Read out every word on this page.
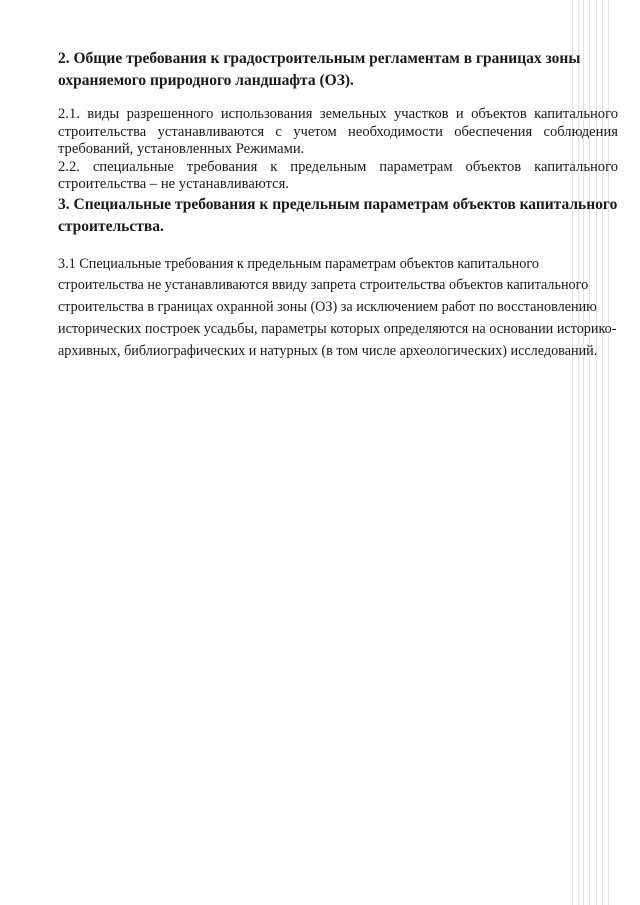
2. Общие требования к градостроительным регламентам в границах зоны охраняемого природного ландшафта (ОЗ).

2.1. виды разрешенного использования земельных участков и объектов капитального строительства устанавливаются с учетом необходимости обеспечения соблюдения требований, установленных Режимами.

2.2. специальные требования к предельным параметрам объектов капитального строительства – не устанавливаются.

3. Специальные требования к предельным параметрам объектов капитального строительства.

3.1 Специальные требования к предельным параметрам объектов капитального строительства не устанавливаются ввиду запрета строительства объектов капитального строительства в границах охранной зоны (ОЗ) за исключением работ по восстановлению исторических построек усадьбы, параметры которых определяются на основании историко-архивных, библиографических и натурных (в том числе археологических) исследований.
